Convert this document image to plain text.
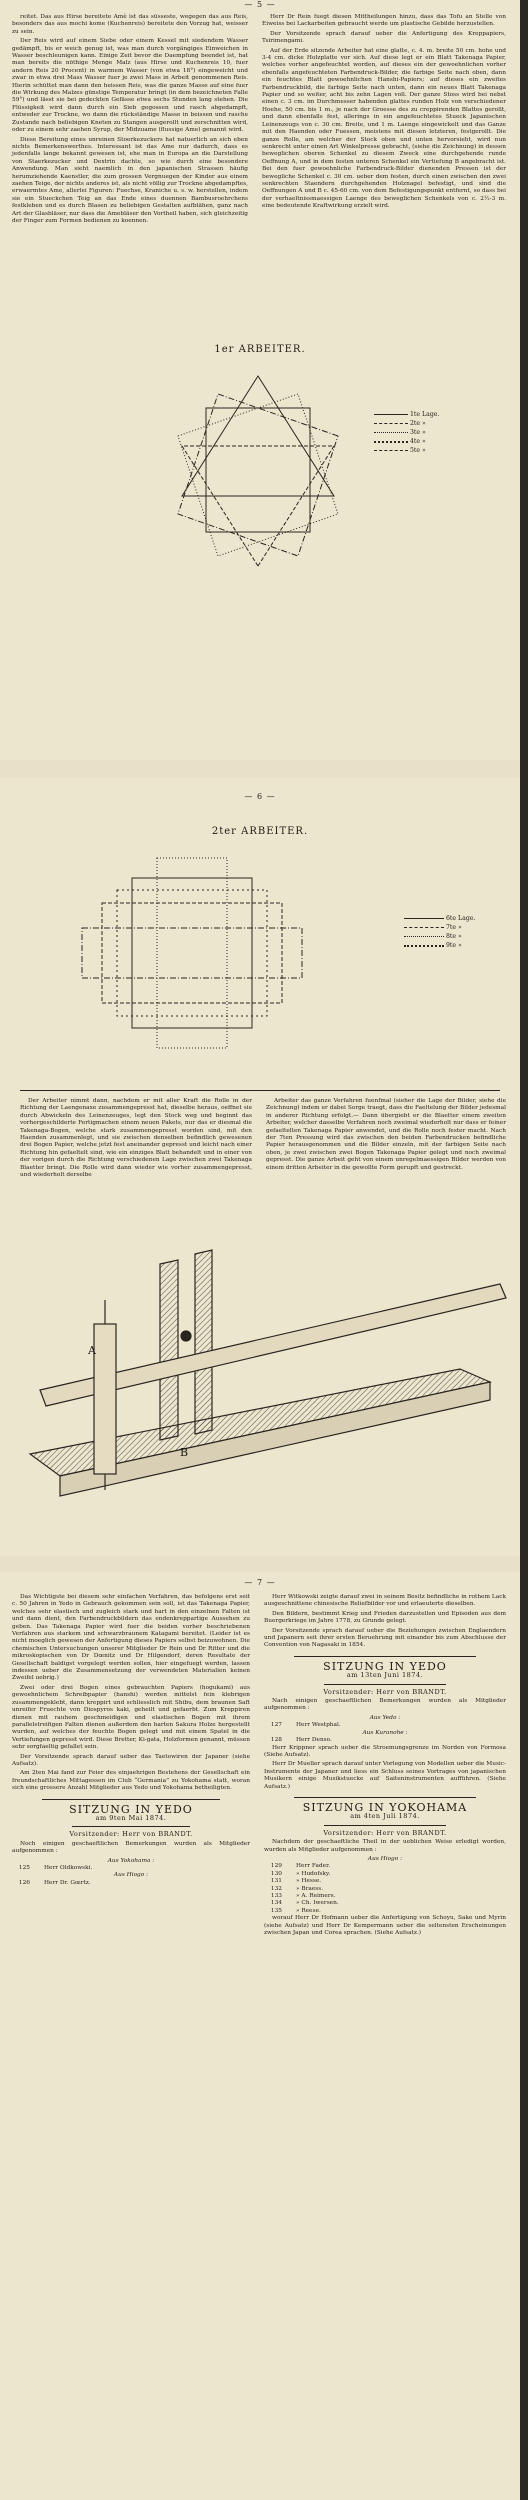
— 5 —

reitet. Das aus Hirse bereitete Amè ist das süsseste, wegegen das aus Reis, besonders das aus mochi kome (Kuchenreis) bereitete den Vorzug hat, weisser zu sein.

Der Reis wird auf einem Siebe oder einem Kessel mit siedendem Wasser gedämpft, bis er weich genug ist, was man durch vorgängiges Einweichen in Wasser beschleunigen kann. Einige Zeit bevor die Daempfung beendet ist, hat man bereits die nöthige Menge Malz (aus Hirse und Kuchenreis 10, fuer andern Reis 20 Procent) in warmem Wasser (von etwa 18°) eingeweicht und zwar in etwa drei Mass Wasser fuer je zwei Mass in Arbeit genommenen Reis. Hierin schüttet man dann den heissen Reis, was die ganze Masse auf eine fuer die Wirkung des Malzes günstige Temperatur bringt (in dem bezeichneten Falle 59°) und lässt sie bei gedeckten Gefässe etwa sechs Stunden lang stehen. Die Flüssigkeit wird dann durch ein Sieb gegossen und rasch abgedampft, entweder zur Trockne, wo dann die rückständige Masse in beissen und rasche Zustande nach beliebigen Kneten zu Stangen ausgerollt und zerschnitten wird, oder zu einem sehr zaehen Syrup, der Midzuame (flussige Ame) genannt wird.

Diese Bereitung eines unreinen Stoerkezuckers hat natuerlich an sich eben nichts Bemerkenswerthes. Interessant ist das Ame nur dadurch, dass es jedenfalls lange bekannt gewesen ist, ehe man in Europa an die Darstellung von Staerkezucker und Dextrin dachte, so wie durch eine besondere Anwendung. Man sieht naemlich in den japanischen Strassen häufig herumziehende Kaenstler, die zum grossen Vergnuegen der Kinder aus einem zaehen Teige, der nichts anderes ist, als nicht völlig zur Trockne abgedampftes, erwaermtes Ame, allerlei Figuren: Fuechse, Kraniche u. s. w. herstellen, indem sie ein Stueckchen Teig an das Ende eines duennen Bambusroehrchens festkleben und es durch Blasen zu beliebigen Gestalten aufblähen, ganz nach Art der Glasbläser, nur dass die Amebläser den Vortheil haben, sich gleichzeitig der Finger zum Formen bedienen zu koennen.

Herr Dr Rein fuegt diesen Mittheilungen hinzu, dass das Tofu an Stelle von Eiweiss bei Lackarbeiten gebraucht werde um plastische Gebilde herzustellen.

Der Vorsitzende sprach darauf ueber die Anfertigung des Kreppapiers, Tsirimengami.

Auf der Erde sitzende Arbeiter hat eine glatte, c. 4. m. breite 50 cm. hohe und 3-4 cm. dicke Holzplatte vor sich. Auf diese legt er ein Blatt Takenaga Papier, welches vorher angefeuchtet worden, auf dieses ein der gewoehnlichen vorher ebenfalls angefeuchteten Farbendruck-Bilder, die farbige Seite nach oben, dann ein feuchtes Blatt gewoehnlichen Hanshi-Papiers; auf dieses ein zweites Farbendruckbild, die farbige Seite nach unten, dann ein neues Blatt Takenaga Papier und so weiter, acht bis zehn Lagen voll. Der ganze Stoss wird bei nebst einen c. 3 cm. im Durchmesser habenden glattes runden Holz von verschiedener Hoehe, 50 cm. bis 1 m., je nach der Groesse des zu creppirenden Blattes gerollt, und dann ebenfalls fest, allerings in ein angefeuchtetes Stueck Japanischen Leinenzeugs von c. 30 cm. Breite, und 1 m. Laenge eingewickelt und das Ganze mit den Haenden oder Fuessen, meistens mit diesen letzteren, festgerollt. Die ganze Rolle, am welcher der Stock oben und unten hervorsieht, wird nun senkrecht unter einen Art Winkelpresse gebracht, (siehe die Zeichnung) in dessen beweglichen oberen Schenkel zu diesem Zweck eine durchgehende runde Oeffnung A, und in dem festen unteren Schenkel ein Vertiefung B angebracht ist. Bei den fuer gewoehnliche Farbendruck-Bilder dienenden Pressen ist der bewegliche Schenkel c. 30 cm. ueber dem festen, durch einen zwischen den zwei senkrechten Staendern durchgehenden Holznagel befestigt, und sind die Oeffnungen A und B c. 45-60 cm. von dem Befestigungspunkt entfernt, so dass bei der verhaeltnissmaessigen Laenge des beweglichen Schenkels von c. 2½-3 m. eine bedeutende Kraftwirkung erzielt wird.

1er ARBEITER.
1te Lage.
2te »
3te »
4te »
5te »
— 6 —
2ter ARBEITER.
6te Lage.
7te »
8te »
9te »

Der Arbeiter nimmt dann, nachdem er mit aller Kraft die Rolle in der Richtung der Laengenaxe zusammengepresst hat, dieselbe heraus, oeffnet sie durch Abwickeln des Leinenzeuges, legt den Stock weg und beginnt das vorhergeschilderte Fertigmachen einem neuen Pakets, nur das er diesmal die Takenaga-Bogen, welche stark zusammengepresst worden sind, mit den Haenden zusammenlegt, und sie zwischen denselben befindlich gewesenen drei Bogen Papier, welche jetzt fest aneinander gepresst und leicht nach einer Richtung hin gefaeltelt sind, wie ein einziges Blatt behandelt und in einer von der vorigen durch die Richtung verschiedenen Lage zwischen zwei Takenaga Blaetter bringt. Die Rolle wird dann wieder wie vorher zusammengepresst, und wiederholt derselbe

Arbeiter das ganze Verfahren fuenfmal (sieher die Lage der Bilder, siehe die Zeichnung) indem er dabei Sorge traegt, dass die Faeltelung der Bilder jedesmal in anderer Richtung erfolgt.— Dann übergiebt er die Blaetter einem zweiten Arbeiter, welcher dasselbe Verfahren noch zweimal wiederholt nur dass er feiner gefaeltelten Takenaga Papier anwendet, und die Rolle noch fester macht. Nach der 7ten Pressung wird das zwischen den beiden Farbendrucken befindliche Papier herausgenommen und die Bilder einzeln, mit der farbigen Seite nach oben, je zwei zwischen zwei Bogen Takenaga Papier gelegt und noch zweimal gepresst. Die ganze Arbeit geht von einem unregelmaessigen Bilder werden von einem dritten Arbeiter in die gewollte Form gerupft und gestreckt.

A
B
— 7 —

Das Wichtigste bei diesem sehr einfachen Verfahren, das befolgens erst seit c. 50 Jahren in Yedo in Gebrauch gekommen sein soll, ist das Takenaga Papier, welches sehr elastisch und zugleich stark und hart in den einzelnen Falten ist und dann dient, den Farbendruckbildern das endenkreppartige Aussehen zu geben. Das Takenaga Papier wird fuer die beiden vorher beschriebenen Verfahren aus starkem und schwarzbraunem Katagami bereitet. (Leider ist es nicht moeglich gewesen der Anfertigung dieses Papiers selbst beizuwohnen. Die chemischen Untersuchungen unserer Mitglieder Dr Rein und Dr Ritter und die mikroskopischen von Dr Dœnitz und Dr Hilgendorf, deren Resultate der Gesellschaft baldigst vorgelegt werden sollen, hier eingefuegt werden, lassen indessen ueber die Zusammensetzung der verwendeten Materialien keinen Zweifel uebrig.)

Zwei oder drei Bogen eines gebrauchten Papiers (hogukami) aus gewoehnlichem Schreibpapier (hanshi) werden mittelst fein klebrigen zusammengeklebt, dann kreppirt und schliesslich mit Shibu, dem braunen Saft unreifer Fruechte von Diospyros kaki, geheilt und gefaerbt. Zum Kreppiren dienen mit rauhem geschmeidigen und elastischen Bogen mit ihrem parallelstreifigen Falten dienen außerdem den harten Sakura Holze hergestellt wurden, auf welches der feuchte Bogen gelegt und mit einem Spatel in die Vertiefungen gepresst wird. Diese Bretter, Ki-gata, Holzformen genannt, müssen sehr sorgfaeltig gefallet sein.

Der Vorsitzende sprach darauf ueber das Taetowiren der Japaner (siehe Aufsatz).

Am 2ten Mai fand zur Feier des einjaehrigen Bestehens der Gesellschaft ein freundschaftliches Mittagessen im Club “Germania” zu Yokohama statt, woran sich eine grossere Anzahl Mitglieder aus Yedo und Yokohama betheiligten.

SITZUNG IN YEDO
am 9ten Mai 1874.
Vorsitzender: Herr von BRANDT.

Noch einigen geschaeftlichen Bemerkungen wurden als Mitglieder aufgenommen :

Aus Yokohama :
125 Herr Oldkowski.
Aus Hiogo :
126 Herr Dr. Gœrtz.

Herr Witkowski zeigte darauf zwei in seinem Besitz befindliche in rothem Lack ausgeschnittene chinesische Reliefbilder vor und erlaeuterte dieselben.

Den Bildern, bestimmt Krieg und Frieden darzustellen und Episoden aus dem Buergerkriege im Jahre 1778, zu Grunde gelegt.

Der Vorsitzende sprach darauf ueber die Beziehungen zwischen Englaendern und Japanern seit ihrer ersten Beruehrung mit einander bis zum Abschlusse der Convention von Nagasaki in 1854.

SITZUNG IN YEDO
am 13ten Juni 1874.
Vorsitzender: Herr von BRANDT.

Nach einigen geschaeftlichen Bemerkungen wurden als Mitglieder aufgenommen :

Aus Yedo :
127 Herr Westphal.
Aus Kuranohe :
128 Herr Denso.

Herr Krippner sprach ueber die Stroemungsgrenze im Norden von Formosa (Siehe Aufsatz).

Herr Dr Mueller sprach darauf unter Vorlegung von Modellen ueber die Music-Instrumente der Japaner und liess ein Schluss seines Vortrages von japanischen Musikern einige Musikstuecke auf Saiteninstrumenten aufführen. (Siehe Aufsatz.)

SITZUNG IN YOKOHAMA
am 4ten Juli 1874.
Vorsitzender: Herr von BRANDT.

Nachdem der geschaeftliche Theil in der ueblichen Weise erledigt worden, wurden als Mitglieder aufgenommen :

Aus Hiogo :
129 Herr Fader.
130 » Hudofsky.
131 » Hesse.
132 » Braess.
133 » A. Reimers.
134 » Ch. Iwersen.
135 » Reese.

worauf Herr Dr Hofmann ueber die Anfertigung von Schoyu, Sake und Myrin (siehe Aufsatz) und Herr Dr Kempermann ueber die seltensten Erscheinungen zwischen Japan und Corea sprachen. (Siehe Aufsatz.)
